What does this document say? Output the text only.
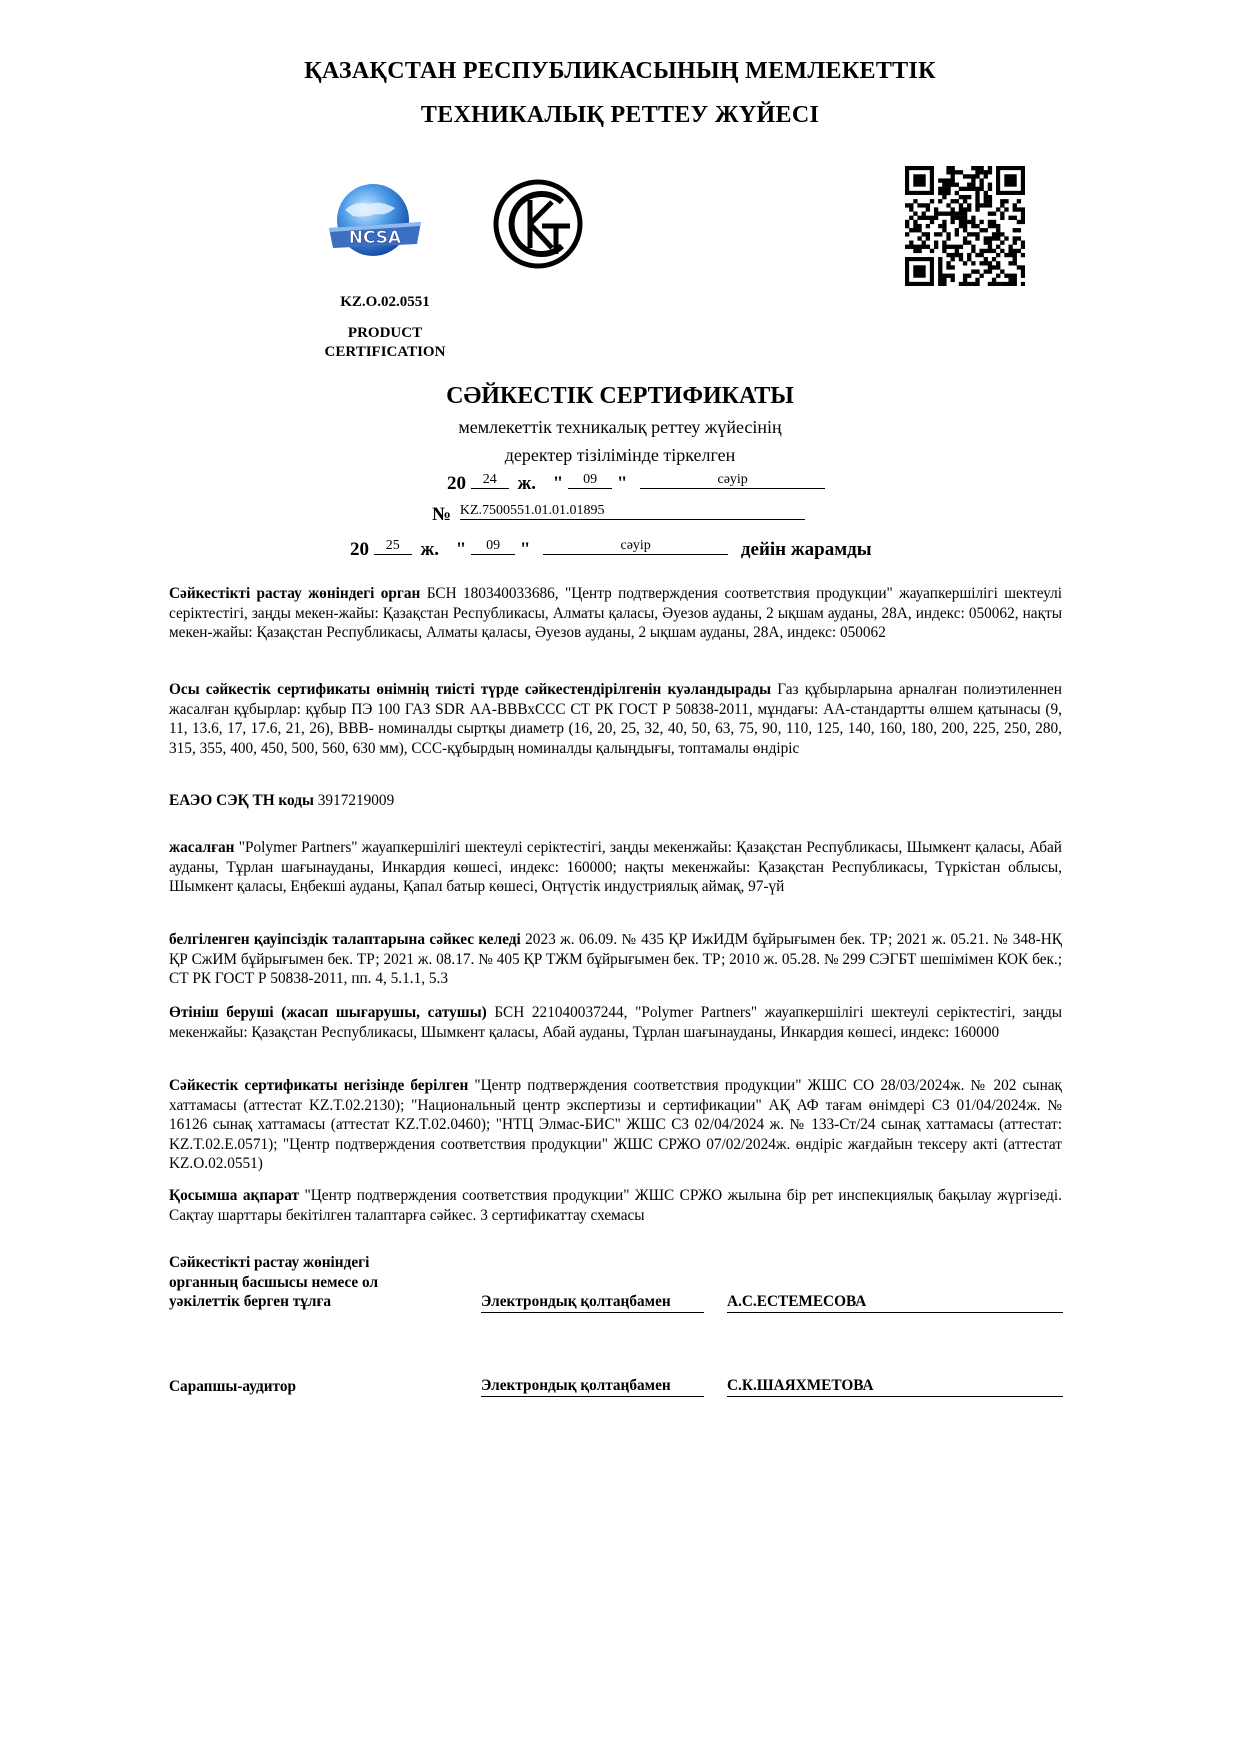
ҚАЗАҚСТАН РЕСПУБЛИКАСЫНЫҢ МЕМЛЕКЕТТІК
ТЕХНИКАЛЫҚ РЕТТЕУ ЖҮЙЕСІ
NCSA
KZ.O.02.0551
PRODUCT
CERTIFICATION
СӘЙКЕСТІК СЕРТИФИКАТЫ
мемлекеттік техникалық реттеу жүйесінің
деректер тізілімінде тіркелген
20 24 ж. " 09 "	сәуір
№ KZ.7500551.01.01.01895
20 25 ж. " 09 "	сәуір	дейін жарамды
Сәйкестікті растау жөніндегі орган БСН 180340033686, "Центр подтверждения соответствия продукции" жауапкершілігі шектеулі серіктестігі, заңды мекен-жайы: Қазақстан Республикасы, Алматы қаласы, Әуезов ауданы, 2 ықшам ауданы, 28А, индекс: 050062, нақты мекен-жайы: Қазақстан Республикасы, Алматы қаласы, Әуезов ауданы, 2 ықшам ауданы, 28А, индекс: 050062
Осы сәйкестік сертификаты өнімнің тиісті түрде сәйкестендірілгенін куәландырады Газ құбырларына арналған полиэтиленнен жасалған құбырлар: құбыр ПЭ 100 ГАЗ SDR АА-ВВВхССС СТ РК ГОСТ Р 50838-2011, мұндағы: АА-стандартты өлшем қатынасы (9, 11, 13.6, 17, 17.6, 21, 26), ВВВ- номиналды сыртқы диаметр (16, 20, 25, 32, 40, 50, 63, 75, 90, 110, 125, 140, 160, 180, 200, 225, 250, 280, 315, 355, 400, 450, 500, 560, 630 мм), ССС-құбырдың номиналды қалыңдығы, топтамалы өндіріс
ЕАЭО СЭҚ ТН коды 3917219009
жасалған "Polymer Partners" жауапкершілігі шектеулі серіктестігі, заңды мекенжайы: Қазақстан Республикасы, Шымкент қаласы, Абай ауданы, Тұрлан шағынауданы, Инкардия көшесі, индекс: 160000; нақты мекенжайы: Қазақстан Республикасы, Түркістан облысы, Шымкент қаласы, Еңбекші ауданы, Қапал батыр көшесі, Оңтүстік индустриялық аймақ, 97-үй
белгіленген қауіпсіздік талаптарына сәйкес келеді 2023 ж. 06.09. № 435 ҚР ИжИДМ бұйрығымен бек. ТР; 2021 ж. 05.21. № 348-НҚ ҚР СжИМ бұйрығымен бек. ТР; 2021 ж. 08.17. № 405 ҚР ТЖМ бұйрығымен бек. ТР; 2010 ж. 05.28. № 299 СЭГБТ шешімімен КОК бек.; СТ РК ГОСТ Р 50838-2011, пп. 4, 5.1.1, 5.3
Өтініш беруші (жасап шығарушы, сатушы) БСН 221040037244, "Polymer Partners" жауапкершілігі шектеулі серіктестігі, заңды мекенжайы: Қазақстан Республикасы, Шымкент қаласы, Абай ауданы, Тұрлан шағынауданы, Инкардия көшесі, индекс: 160000
Сәйкестік сертификаты негізінде берілген "Центр подтверждения соответствия продукции" ЖШС СО 28/03/2024ж. № 202 сынақ хаттамасы (аттестат KZ.T.02.2130); "Национальный центр экспертизы и сертификации" АҚ АФ тағам өнімдері СЗ 01/04/2024ж. № 16126 сынақ хаттамасы (аттестат KZ.T.02.0460); "НТЦ Элмас-БИС" ЖШС СЗ 02/04/2024 ж. № 133-Ст/24 сынақ хаттамасы (аттестат: KZ.T.02.E.0571); "Центр подтверждения соответствия продукции" ЖШС СРЖО 07/02/2024ж. өндіріс жағдайын тексеру акті (аттестат KZ.O.02.0551)
Қосымша ақпарат "Центр подтверждения соответствия продукции" ЖШС СРЖО жылына бір рет инспекциялық бақылау жүргізеді. Сақтау шарттары бекітілген талаптарға сәйкес. 3 сертификаттау схемасы
Сәйкестікті растау жөніндегі
органның басшысы немесе ол
уәкілеттік берген тұлға	Электрондық қолтаңбамен	А.С.ЕСТЕМЕСОВА
Сарапшы-аудитор	Электрондық қолтаңбамен	С.К.ШАЯХМЕТОВА
